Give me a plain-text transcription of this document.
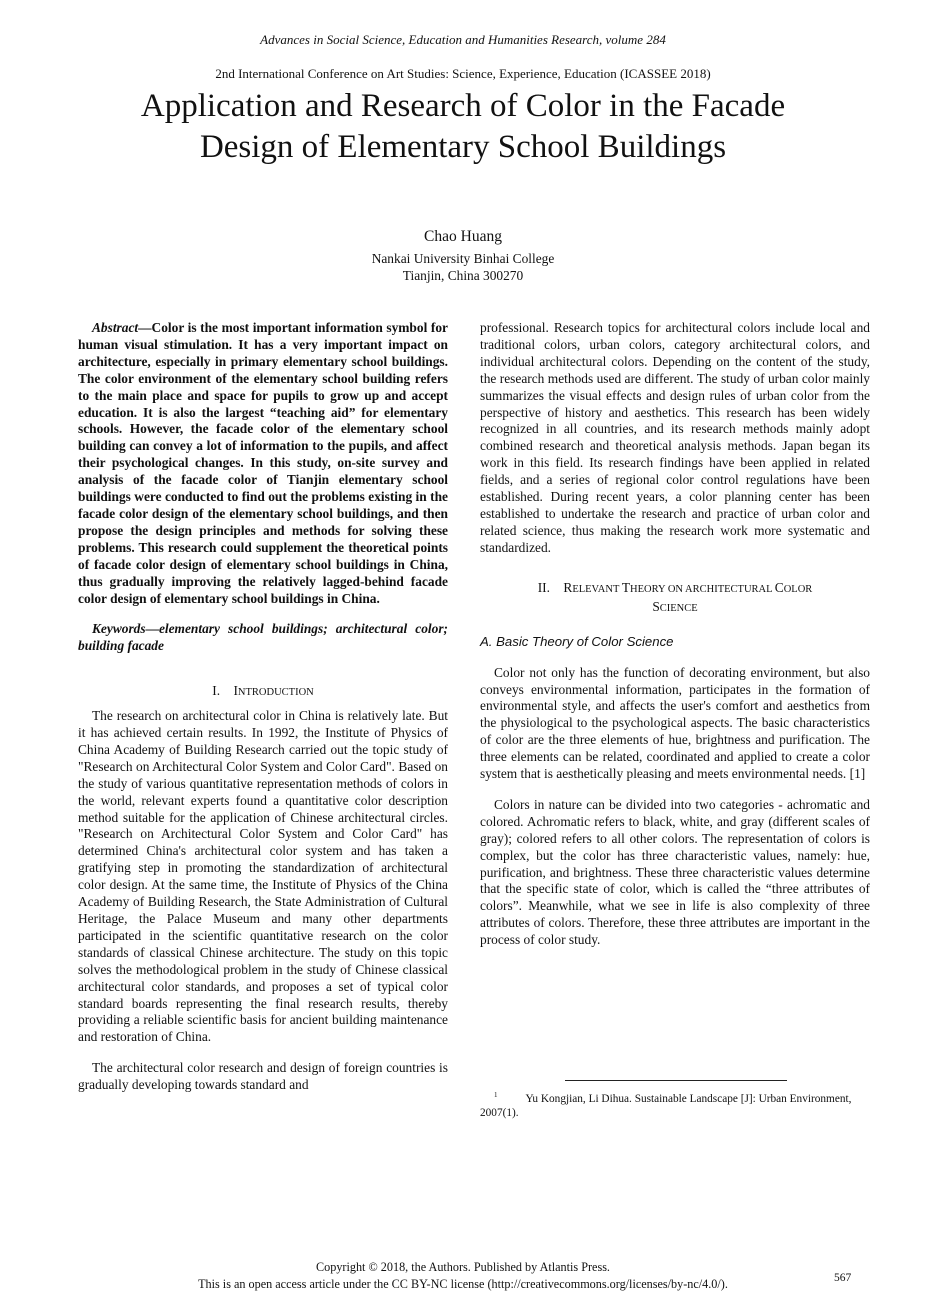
Advances in Social Science, Education and Humanities Research, volume 284
2nd International Conference on Art Studies: Science, Experience, Education (ICASSEE 2018)
Application and Research of Color in the Facade
Design of Elementary School Buildings
Chao Huang
Nankai University Binhai College
Tianjin, China 300270

Abstract—Color is the most important information symbol for human visual stimulation. It has a very important impact on architecture, especially in primary elementary school buildings. The color environment of the elementary school building refers to the main place and space for pupils to grow up and accept education. It is also the largest “teaching aid” for elementary schools. However, the facade color of the elementary school building can convey a lot of information to the pupils, and affect their psychological changes. In this study, on-site survey and analysis of the facade color of Tianjin elementary school buildings were conducted to find out the problems existing in the facade color design of the elementary school buildings, and then propose the design principles and methods for solving these problems. This research could supplement the theoretical points of facade color design of elementary school buildings in China, thus gradually improving the relatively lagged-behind facade color design of elementary school buildings in China.

Keywords—elementary school buildings; architectural color; building facade

I. INTRODUCTION

The research on architectural color in China is relatively late. But it has achieved certain results. In 1992, the Institute of Physics of China Academy of Building Research carried out the topic study of "Research on Architectural Color System and Color Card". Based on the study of various quantitative representation methods of colors in the world, relevant experts found a quantitative color description method suitable for the application of Chinese architectural circles. "Research on Architectural Color System and Color Card" has determined China's architectural color system and has taken a gratifying step in promoting the standardization of architectural color design. At the same time, the Institute of Physics of the China Academy of Building Research, the State Administration of Cultural Heritage, the Palace Museum and many other departments participated in the scientific quantitative research on the color standards of classical Chinese architecture. The study on this topic solves the methodological problem in the study of Chinese classical architectural color standards, and proposes a set of typical color standard boards representing the final research results, thereby providing a reliable scientific basis for ancient building maintenance and restoration of China.

The architectural color research and design of foreign countries is gradually developing towards standard and

professional. Research topics for architectural colors include local and traditional colors, urban colors, category architectural colors, and individual architectural colors. Depending on the content of the study, the research methods used are different. The study of urban color mainly summarizes the visual effects and design rules of urban color from the perspective of history and aesthetics. This research has been widely recognized in all countries, and its research methods mainly adopt combined research and theoretical analysis methods. Japan began its work in this field. Its research findings have been applied in related fields, and a series of regional color control regulations have been established. During recent years, a color planning center has been established to undertake the research and practice of urban color and related science, thus making the research work more systematic and standardized.

II. RELEVANT THEORY ON ARCHITECTURAL COLOR
SCIENCE

A. Basic Theory of Color Science

Color not only has the function of decorating environment, but also conveys environmental information, participates in the formation of environmental style, and affects the user's comfort and aesthetics from the physiological to the psychological aspects. The basic characteristics of color are the three elements of hue, brightness and purification. The three elements can be related, coordinated and applied to create a color system that is aesthetically pleasing and meets environmental needs. [1]

Colors in nature can be divided into two categories - achromatic and colored. Achromatic refers to black, white, and gray (different scales of gray); colored refers to all other colors. The representation of colors is complex, but the color has three characteristic values, namely: hue, purification, and brightness. These three characteristic values determine that the specific state of color, which is called the “three attributes of colors”. Meanwhile, what we see in life is also complexity of three attributes of colors. Therefore, these three attributes are important in the process of color study.

$^1$ Yu Kongjian, Li Dihua. Sustainable Landscape [J]: Urban Environment, 2007(1).
Copyright © 2018, the Authors. Published by Atlantis Press.
This is an open access article under the CC BY-NC license (http://creativecommons.org/licenses/by-nc/4.0/).	567
